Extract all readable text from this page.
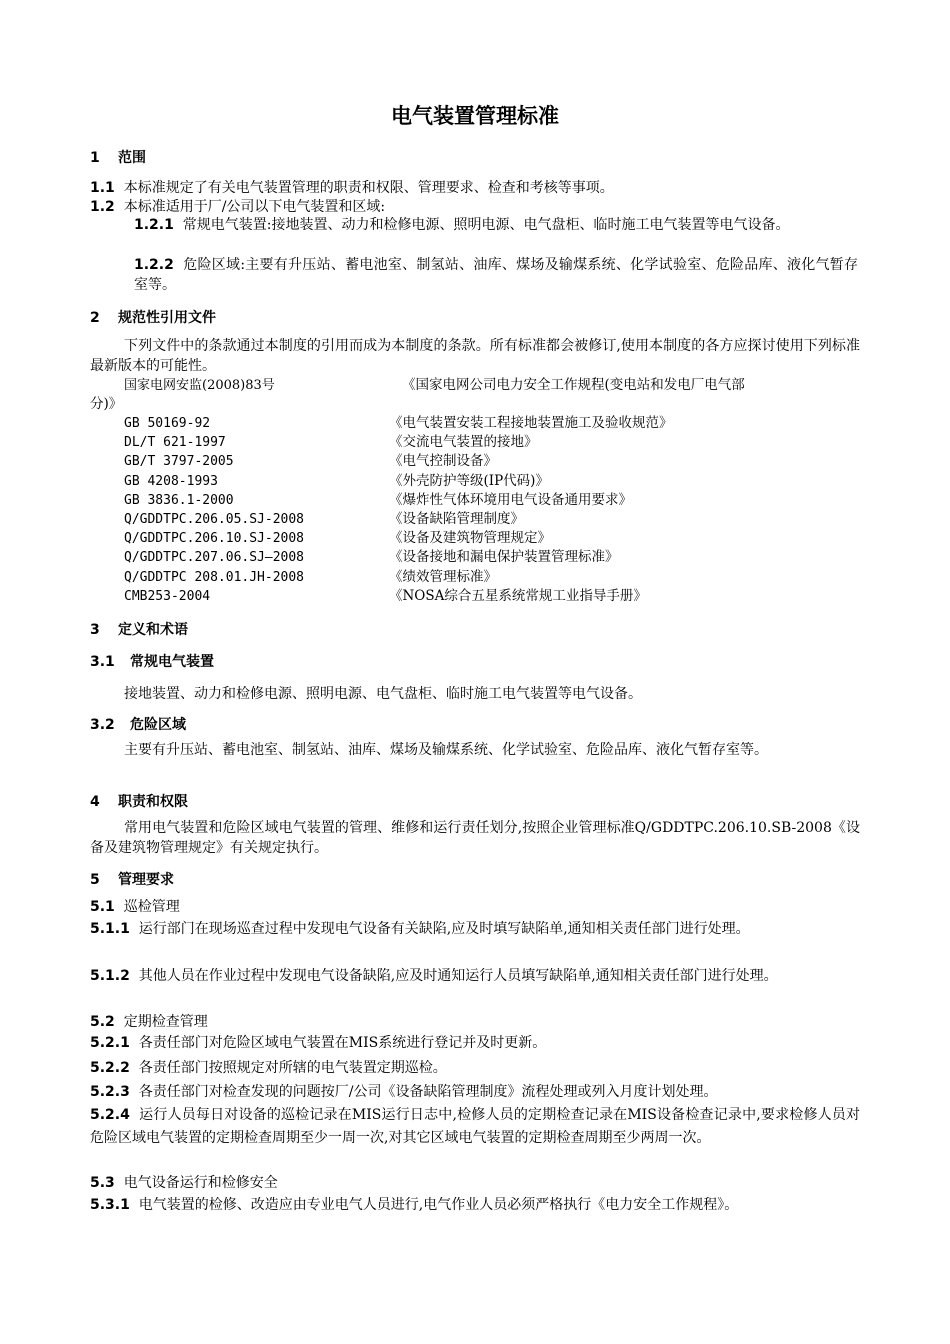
电气装置管理标准
1 范围
1.1 本标准规定了有关电气装置管理的职责和权限、管理要求、检查和考核等事项。
1.2 本标准适用于厂/公司以下电气装置和区域:
1.2.1 常规电气装置:接地装置、动力和检修电源、照明电源、电气盘柜、临时施工电气装置等电气设备。
1.2.2 危险区域:主要有升压站、蓄电池室、制氢站、油库、煤场及输煤系统、化学试验室、危险品库、液化气暂存室等。
2 规范性引用文件
下列文件中的条款通过本制度的引用而成为本制度的条款。所有标准都会被修订,使用本制度的各方应探讨使用下列标准最新版本的可能性。
国家电网安监(2008)83号	《国家电网公司电力安全工作规程(变电站和发电厂电气部
分)》
GB 50169-92	《电气装置安装工程接地装置施工及验收规范》
DL/T 621-1997	《交流电气装置的接地》
GB/T 3797-2005	《电气控制设备》
GB 4208-1993	《外壳防护等级(IP代码)》
GB 3836.1-2000	《爆炸性气体环境用电气设备通用要求》
Q/GDDTPC.206.05.SJ-2008	《设备缺陷管理制度》
Q/GDDTPC.206.10.SJ-2008	《设备及建筑物管理规定》
Q/GDDTPC.207.06.SJ—2008	《设备接地和漏电保护装置管理标准》
Q/GDDTPC 208.01.JH-2008	《绩效管理标准》
CMB253-2004	《NOSA综合五星系统常规工业指导手册》
3 定义和术语
3.1 常规电气装置
接地装置、动力和检修电源、照明电源、电气盘柜、临时施工电气装置等电气设备。
3.2 危险区域
主要有升压站、蓄电池室、制氢站、油库、煤场及输煤系统、化学试验室、危险品库、液化气暂存室等。
4 职责和权限
常用电气装置和危险区域电气装置的管理、维修和运行责任划分,按照企业管理标准Q/GDDTPC.206.10.SB-2008《设备及建筑物管理规定》有关规定执行。
5 管理要求
5.1 巡检管理
5.1.1 运行部门在现场巡查过程中发现电气设备有关缺陷,应及时填写缺陷单,通知相关责任部门进行处理。
5.1.2 其他人员在作业过程中发现电气设备缺陷,应及时通知运行人员填写缺陷单,通知相关责任部门进行处理。
5.2 定期检查管理
5.2.1 各责任部门对危险区域电气装置在MIS系统进行登记并及时更新。
5.2.2 各责任部门按照规定对所辖的电气装置定期巡检。
5.2.3 各责任部门对检查发现的问题按厂/公司《设备缺陷管理制度》流程处理或列入月度计划处理。
5.2.4 运行人员每日对设备的巡检记录在MIS运行日志中,检修人员的定期检查记录在MIS设备检查记录中,要求检修人员对危险区域电气装置的定期检查周期至少一周一次,对其它区域电气装置的定期检查周期至少两周一次。
5.3 电气设备运行和检修安全
5.3.1 电气装置的检修、改造应由专业电气人员进行,电气作业人员必须严格执行《电力安全工作规程》。
